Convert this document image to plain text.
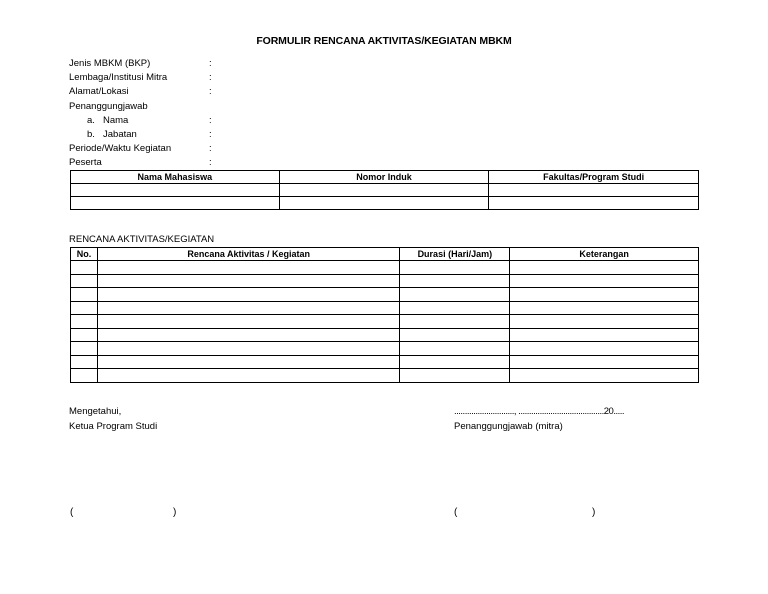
FORMULIR RENCANA AKTIVITAS/KEGIATAN MBKM
Jenis MBKM (BKP)	:
Lembaga/Institusi Mitra	:
Alamat/Lokasi	:
Penanggungjawab
a. Nama	:
b. Jabatan	:
Periode/Waktu Kegiatan	:
Peserta	:
Nama Mahasiswa	Nomor Induk	Fakultas/Program Studi

RENCANA AKTIVITAS/KEGIATAN
No.	Rencana Aktivitas / Kegiatan	Durasi (Hari/Jam)	Keterangan

Mengetahui,
Ketua Program Studi
............................, ........................................20.....
Penanggungjawab (mitra)
(	)	(	)
